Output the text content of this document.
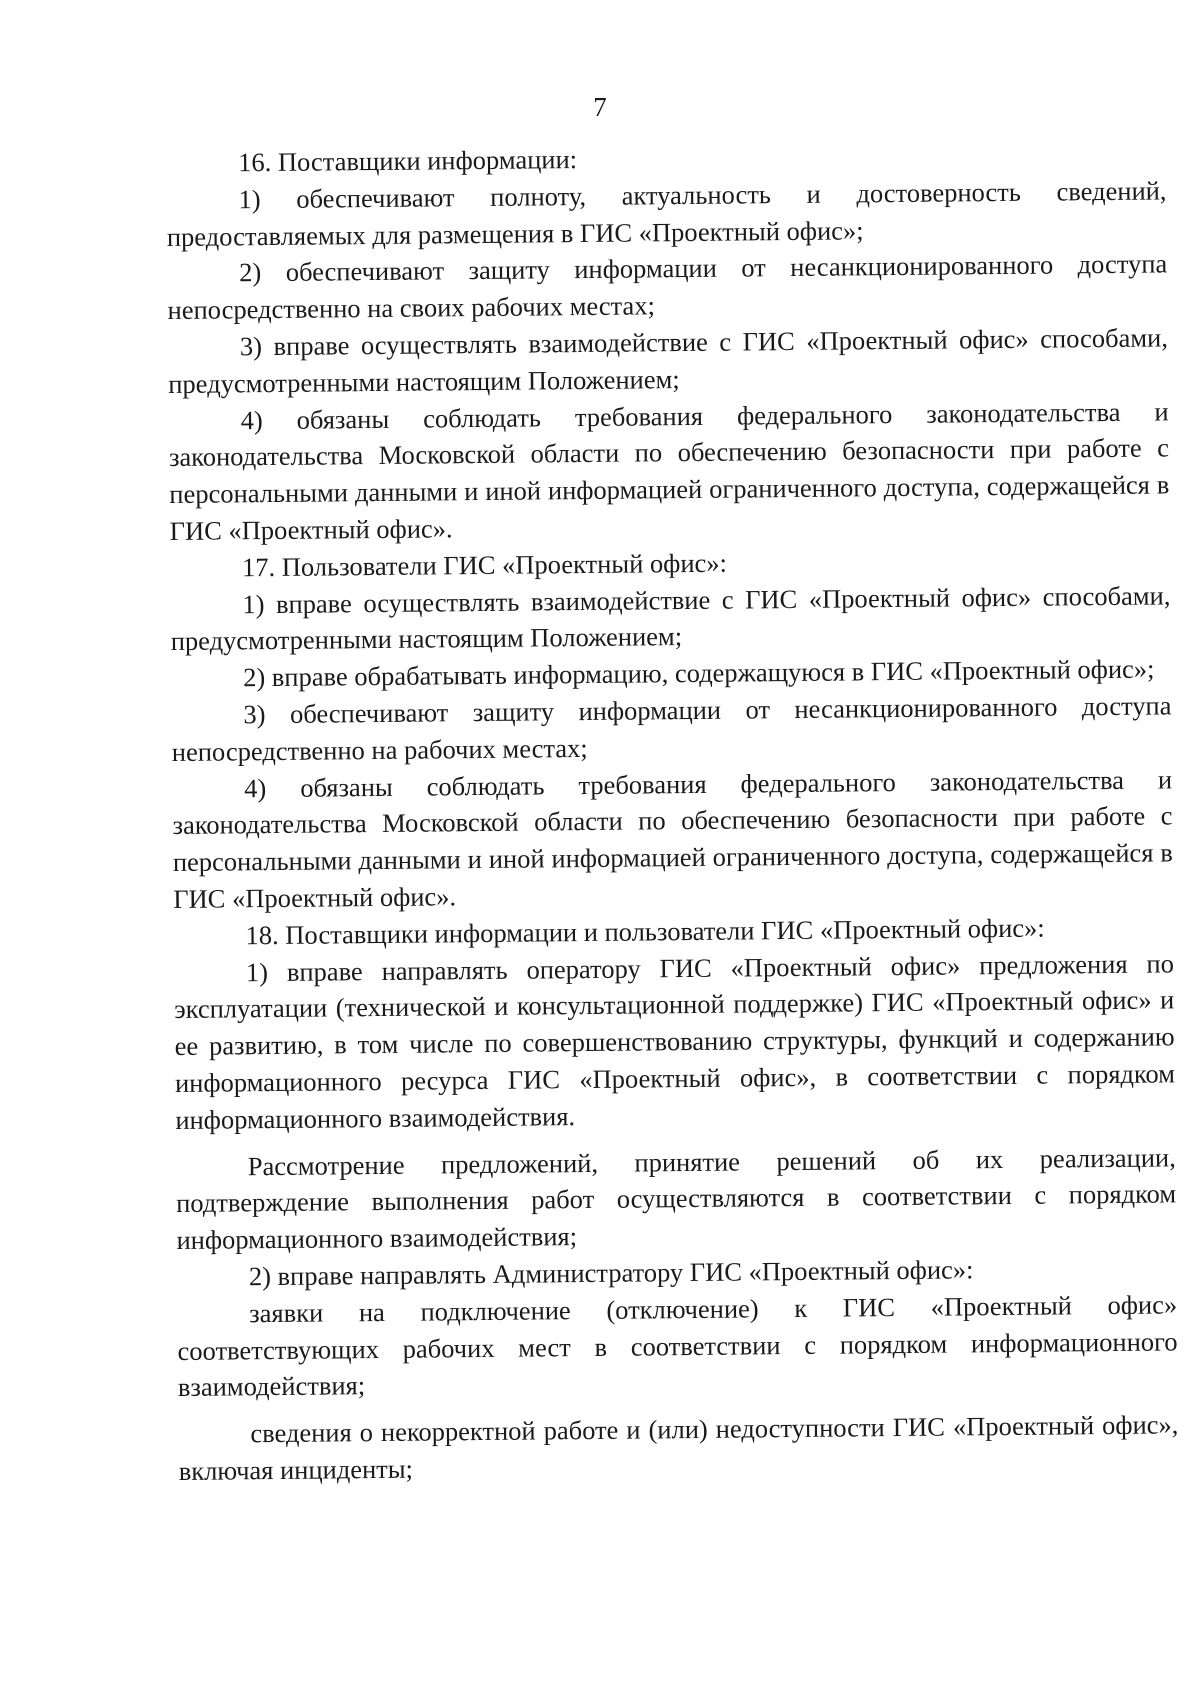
7

16. Поставщики информации:

1) обеспечивают полноту, актуальность и достоверность сведений, предоставляемых для размещения в ГИС «Проектный офис»;

2) обеспечивают защиту информации от несанкционированного доступа непосредственно на своих рабочих местах;

3) вправе осуществлять взаимодействие с ГИС «Проектный офис» способами, предусмотренными настоящим Положением;

4) обязаны соблюдать требования федерального законодательства и законодательства Московской области по обеспечению безопасности при работе с персональными данными и иной информацией ограниченного доступа, содержащейся в ГИС «Проектный офис».

17. Пользователи ГИС «Проектный офис»:

1) вправе осуществлять взаимодействие с ГИС «Проектный офис» способами, предусмотренными настоящим Положением;

2) вправе обрабатывать информацию, содержащуюся в ГИС «Проектный офис»;

3) обеспечивают защиту информации от несанкционированного доступа непосредственно на рабочих местах;

4) обязаны соблюдать требования федерального законодательства и законодательства Московской области по обеспечению безопасности при работе с персональными данными и иной информацией ограниченного доступа, содержащейся в ГИС «Проектный офис».

18. Поставщики информации и пользователи ГИС «Проектный офис»:

1) вправе направлять оператору ГИС «Проектный офис» предложения по эксплуатации (технической и консультационной поддержке) ГИС «Проектный офис» и ее развитию, в том числе по совершенствованию структуры, функций и содержанию информационного ресурса ГИС «Проектный офис», в соответствии с порядком информационного взаимодействия.

Рассмотрение предложений, принятие решений об их реализации, подтверждение выполнения работ осуществляются в соответствии с порядком информационного взаимодействия;

2) вправе направлять Администратору ГИС «Проектный офис»:

заявки на подключение (отключение) к ГИС «Проектный офис» соответствующих рабочих мест в соответствии с порядком информационного взаимодействия;

сведения о некорректной работе и (или) недоступности ГИС «Проектный офис», включая инциденты;
